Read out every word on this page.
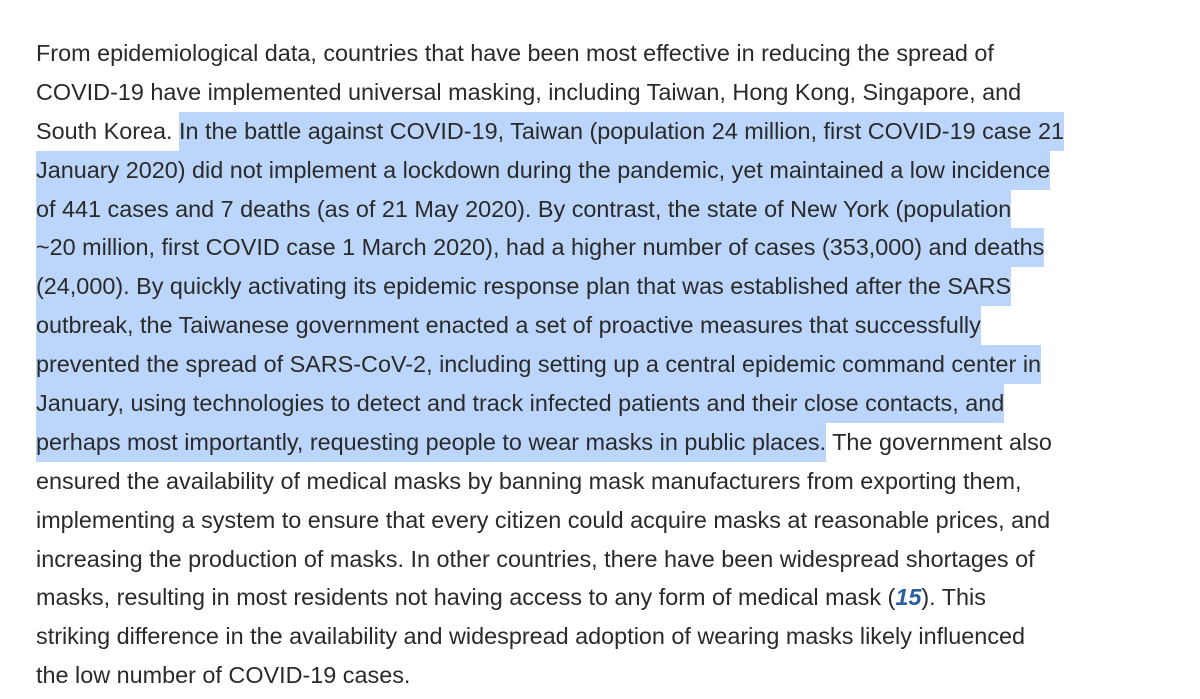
From epidemiological data, countries that have been most effective in reducing the spread of
COVID-19 have implemented universal masking, including Taiwan, Hong Kong, Singapore, and
South Korea. In the battle against COVID-19, Taiwan (population 24 million, first COVID-19 case 21
January 2020) did not implement a lockdown during the pandemic, yet maintained a low incidence
of 441 cases and 7 deaths (as of 21 May 2020). By contrast, the state of New York (population
~20 million, first COVID case 1 March 2020), had a higher number of cases (353,000) and deaths
(24,000). By quickly activating its epidemic response plan that was established after the SARS
outbreak, the Taiwanese government enacted a set of proactive measures that successfully
prevented the spread of SARS-CoV-2, including setting up a central epidemic command center in
January, using technologies to detect and track infected patients and their close contacts, and
perhaps most importantly, requesting people to wear masks in public places. The government also
ensured the availability of medical masks by banning mask manufacturers from exporting them,
implementing a system to ensure that every citizen could acquire masks at reasonable prices, and
increasing the production of masks. In other countries, there have been widespread shortages of
masks, resulting in most residents not having access to any form of medical mask (15). This
striking difference in the availability and widespread adoption of wearing masks likely influenced
the low number of COVID-19 cases.
